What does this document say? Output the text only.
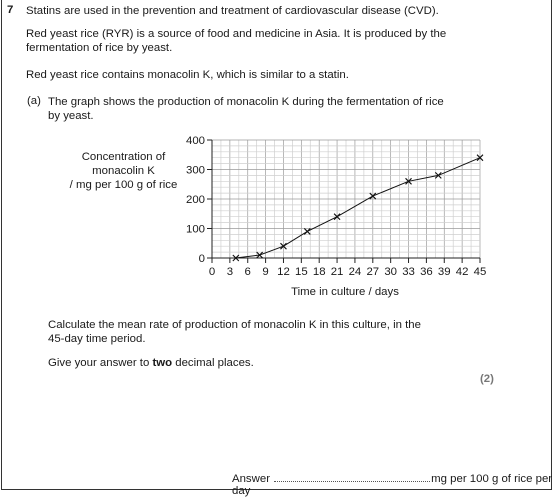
7 Statins are used in the prevention and treatment of cardiovascular disease (CVD).
Red yeast rice (RYR) is a source of food and medicine in Asia. It is produced by the
fermentation of rice by yeast.
Red yeast rice contains monacolin K, which is similar to a statin.
(a) The graph shows the production of monacolin K during the fermentation of rice
by yeast.
Concentration of
monacolin K
/ mg per 100 g of rice
0
100
200
300
400
0 3 6 9 12 15 18 21 24 27 30 33 36 39 42 45
Time in culture / days
Calculate the mean rate of production of monacolin K in this culture, in the
45-day time period.
Give your answer to two decimal places.
(2)
Answer	mg per 100 g of rice per day
